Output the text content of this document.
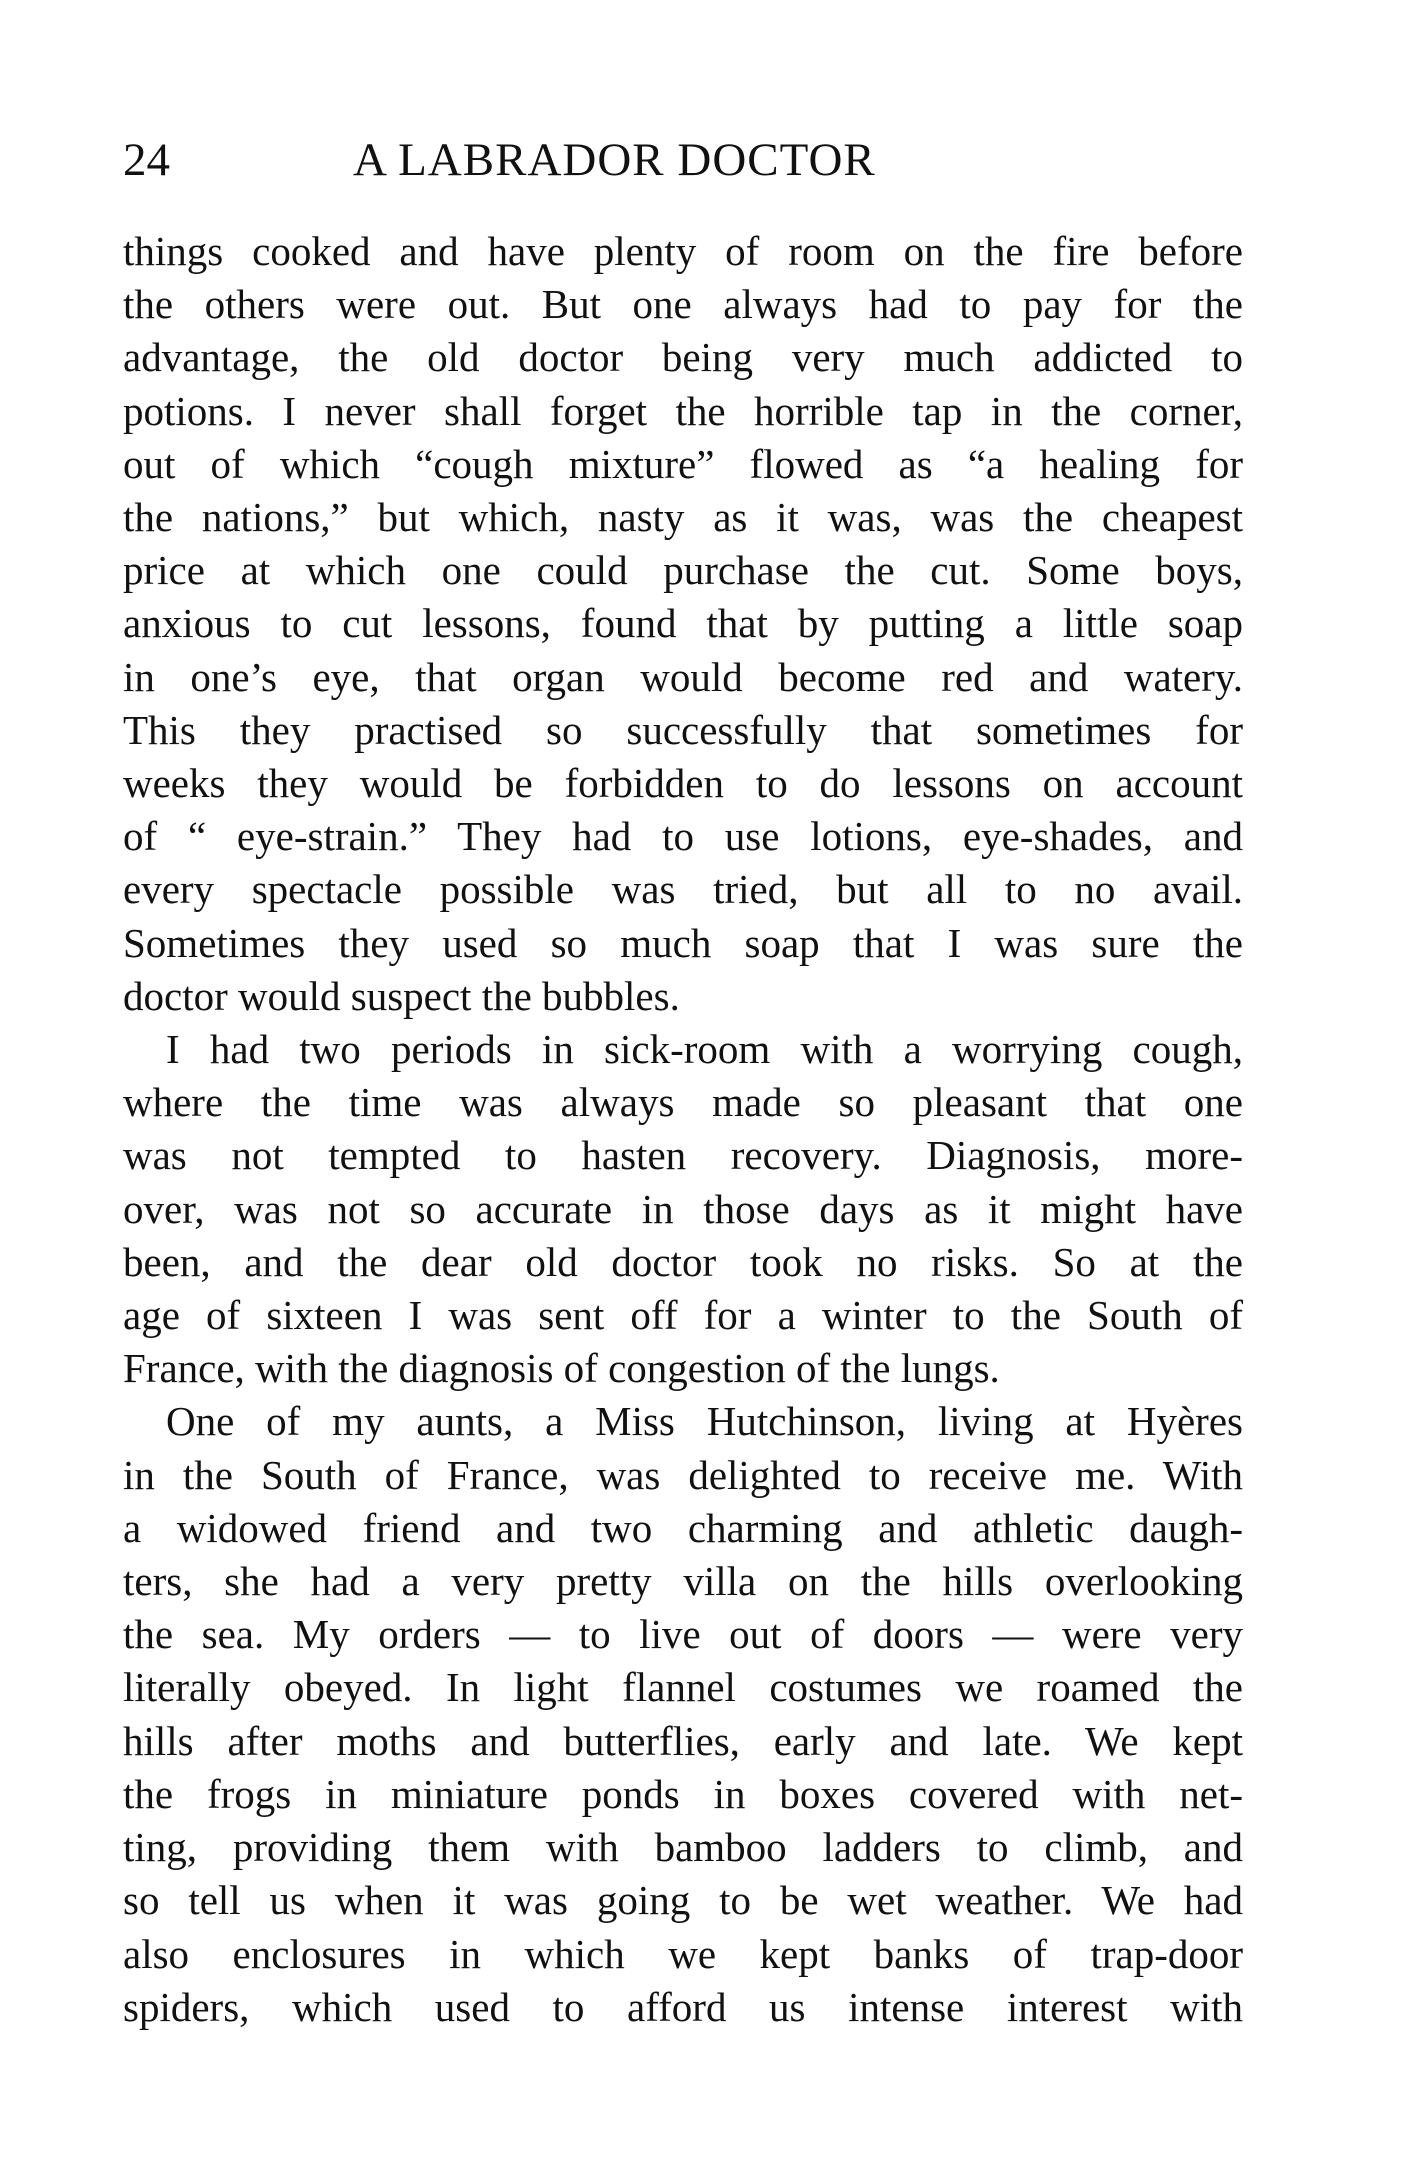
24	A LABRADOR DOCTOR

things cooked and have plenty of room on the fire before
the others were out. But one always had to pay for the
advantage, the old doctor being very much addicted to
potions. I never shall forget the horrible tap in the corner,
out of which “cough mixture” flowed as “a healing for
the nations,” but which, nasty as it was, was the cheapest
price at which one could purchase the cut. Some boys,
anxious to cut lessons, found that by putting a little soap
in one’s eye, that organ would become red and watery.
This they practised so successfully that sometimes for
weeks they would be forbidden to do lessons on account
of “ eye-strain.” They had to use lotions, eye-shades, and
every spectacle possible was tried, but all to no avail.
Sometimes they used so much soap that I was sure the
doctor would suspect the bubbles.

I had two periods in sick-room with a worrying cough,
where the time was always made so pleasant that one
was not tempted to hasten recovery. Diagnosis, more-
over, was not so accurate in those days as it might have
been, and the dear old doctor took no risks. So at the
age of sixteen I was sent off for a winter to the South of
France, with the diagnosis of congestion of the lungs.

One of my aunts, a Miss Hutchinson, living at Hyères
in the South of France, was delighted to receive me. With
a widowed friend and two charming and athletic daugh-
ters, she had a very pretty villa on the hills overlooking
the sea. My orders — to live out of doors — were very
literally obeyed. In light flannel costumes we roamed the
hills after moths and butterflies, early and late. We kept
the frogs in miniature ponds in boxes covered with net-
ting, providing them with bamboo ladders to climb, and
so tell us when it was going to be wet weather. We had
also enclosures in which we kept banks of trap-door
spiders, which used to afford us intense interest with
